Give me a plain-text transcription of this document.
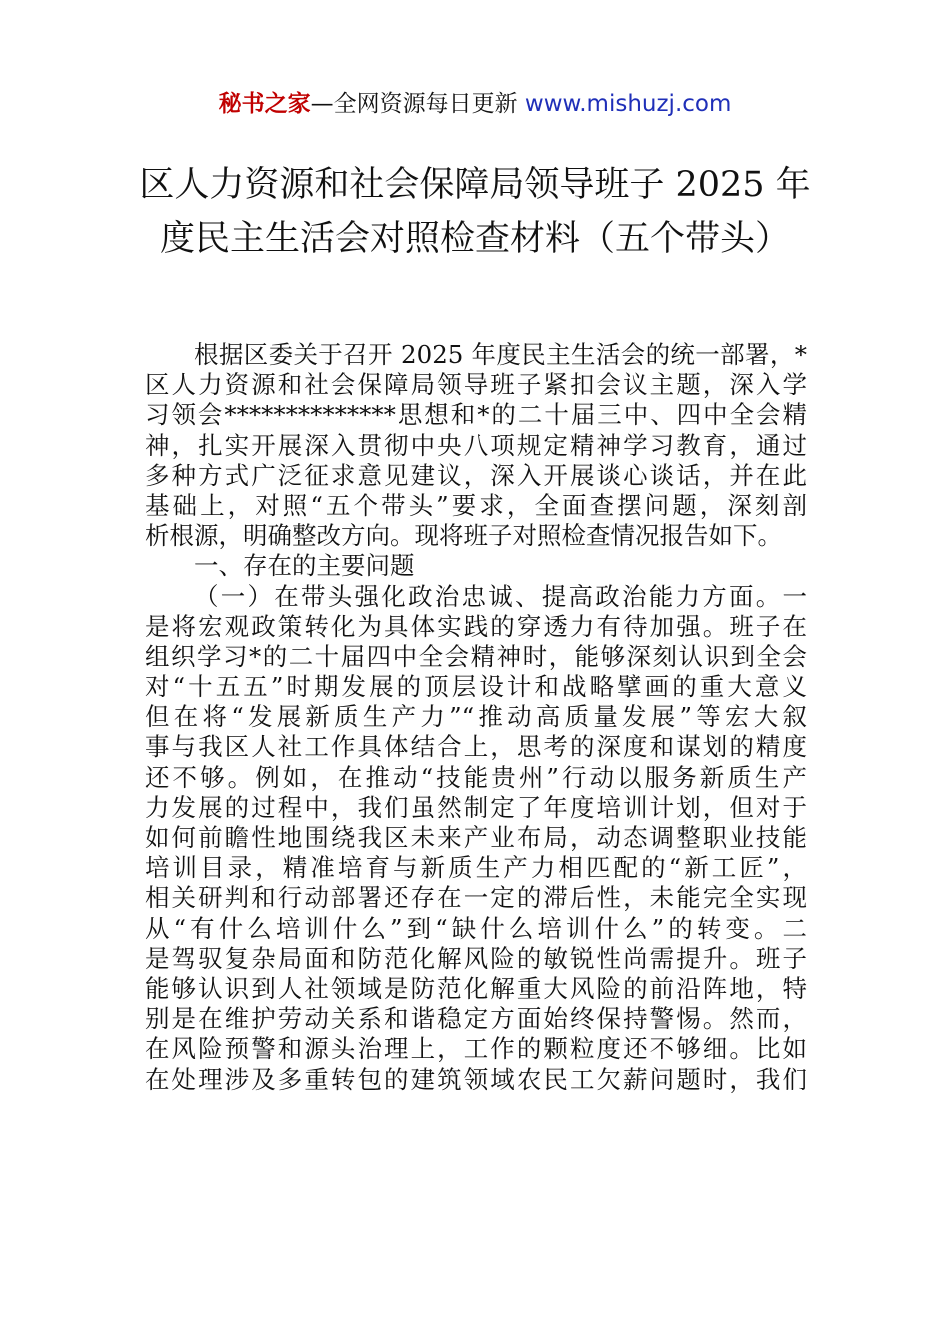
秘书之家—全网资源每日更新 www.mishuzj.com
区人力资源和社会保障局领导班子 2025 年
度民主生活会对照检查材料（五个带头）
根据区委关于召开 2025 年度民主生活会的统一部署，*
区人力资源和社会保障局领导班子紧扣会议主题，深入学
习领会**************思想和*的二十届三中、四中全会精
神，扎实开展深入贯彻中央八项规定精神学习教育，通过
多种方式广泛征求意见建议，深入开展谈心谈话，并在此
基础上，对照“五个带头”要求，全面查摆问题，深刻剖
析根源，明确整改方向。现将班子对照检查情况报告如下。
一、存在的主要问题
（一）在带头强化政治忠诚、提高政治能力方面。一
是将宏观政策转化为具体实践的穿透力有待加强。班子在
组织学习*的二十届四中全会精神时，能够深刻认识到全会
对“十五五”时期发展的顶层设计和战略擘画的重大意义
但在将“发展新质生产力”“推动高质量发展”等宏大叙
事与我区人社工作具体结合上，思考的深度和谋划的精度
还不够。例如，在推动“技能贵州”行动以服务新质生产
力发展的过程中，我们虽然制定了年度培训计划，但对于
如何前瞻性地围绕我区未来产业布局，动态调整职业技能
培训目录，精准培育与新质生产力相匹配的“新工匠”，
相关研判和行动部署还存在一定的滞后性，未能完全实现
从“有什么培训什么”到“缺什么培训什么”的转变。二
是驾驭复杂局面和防范化解风险的敏锐性尚需提升。班子
能够认识到人社领域是防范化解重大风险的前沿阵地，特
别是在维护劳动关系和谐稳定方面始终保持警惕。然而，
在风险预警和源头治理上，工作的颗粒度还不够细。比如
在处理涉及多重转包的建筑领域农民工欠薪问题时，我们
